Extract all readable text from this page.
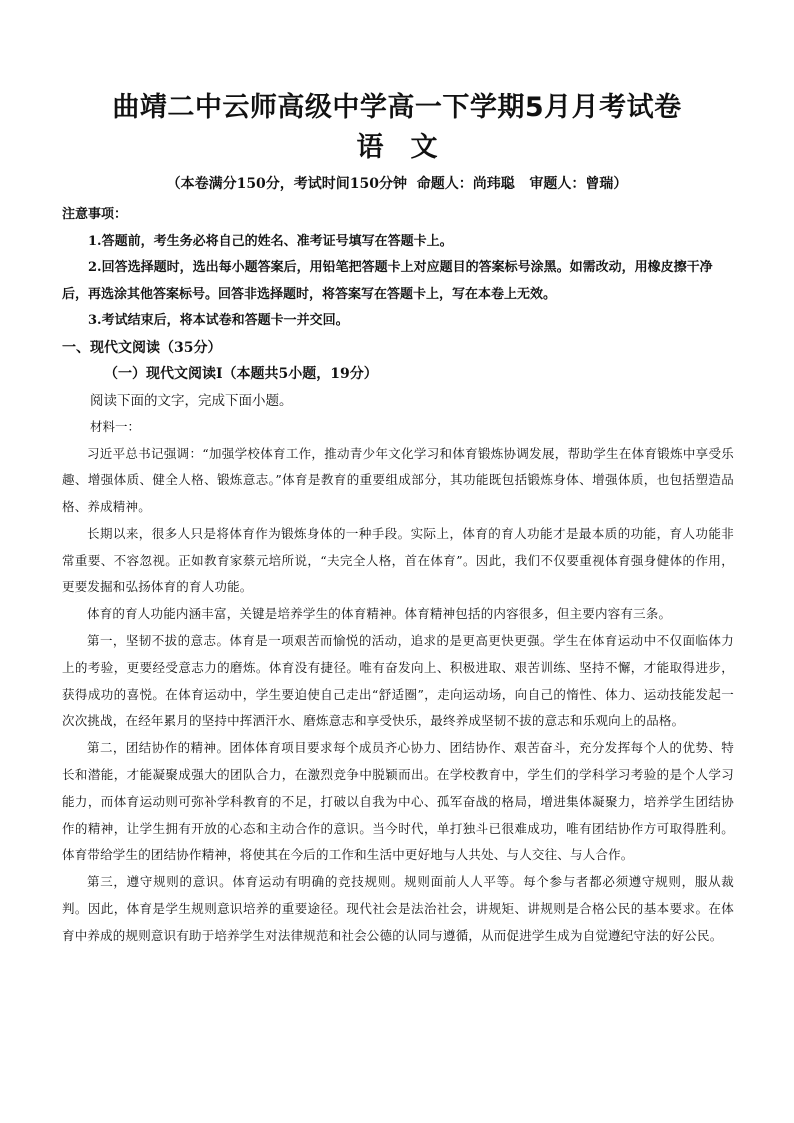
曲靖二中云师高级中学高一下学期5月月考试卷
语　文
（本卷满分150分，考试时间150分钟  命题人：尚玮聪   审题人：曾瑞）

注意事项：

1.答题前，考生务必将自己的姓名、准考证号填写在答题卡上。

2.回答选择题时，选出每小题答案后，用铅笔把答题卡上对应题目的答案标号涂黑。如需改动，用橡皮擦干净后，再选涂其他答案标号。回答非选择题时，将答案写在答题卡上，写在本卷上无效。

3.考试结束后，将本试卷和答题卡一并交回。

一、现代文阅读（35分）

（一）现代文阅读Ⅰ（本题共5小题，19分）

阅读下面的文字，完成下面小题。

材料一：

习近平总书记强调：“加强学校体育工作，推动青少年文化学习和体育锻炼协调发展，帮助学生在体育锻炼中享受乐趣、增强体质、健全人格、锻炼意志。”体育是教育的重要组成部分，其功能既包括锻炼身体、增强体质，也包括塑造品格、养成精神。

长期以来，很多人只是将体育作为锻炼身体的一种手段。实际上，体育的育人功能才是最本质的功能，育人功能非常重要、不容忽视。正如教育家蔡元培所说，“夫完全人格，首在体育”。因此，我们不仅要重视体育强身健体的作用，更要发掘和弘扬体育的育人功能。

体育的育人功能内涵丰富，关键是培养学生的体育精神。体育精神包括的内容很多，但主要内容有三条。

第一，坚韧不拔的意志。体育是一项艰苦而愉悦的活动，追求的是更高更快更强。学生在体育运动中不仅面临体力上的考验，更要经受意志力的磨炼。体育没有捷径。唯有奋发向上、积极进取、艰苦训练、坚持不懈，才能取得进步，获得成功的喜悦。在体育运动中，学生要迫使自己走出“舒适圈”，走向运动场，向自己的惰性、体力、运动技能发起一次次挑战，在经年累月的坚持中挥洒汗水、磨炼意志和享受快乐，最终养成坚韧不拔的意志和乐观向上的品格。

第二，团结协作的精神。团体体育项目要求每个成员齐心协力、团结协作、艰苦奋斗，充分发挥每个人的优势、特长和潜能，才能凝聚成强大的团队合力，在激烈竞争中脱颖而出。在学校教育中，学生们的学科学习考验的是个人学习能力，而体育运动则可弥补学科教育的不足，打破以自我为中心、孤军奋战的格局，增进集体凝聚力，培养学生团结协作的精神，让学生拥有开放的心态和主动合作的意识。当今时代，单打独斗已很难成功，唯有团结协作方可取得胜利。体育带给学生的团结协作精神，将使其在今后的工作和生活中更好地与人共处、与人交往、与人合作。

第三，遵守规则的意识。体育运动有明确的竞技规则。规则面前人人平等。每个参与者都必须遵守规则，服从裁判。因此，体育是学生规则意识培养的重要途径。现代社会是法治社会，讲规矩、讲规则是合格公民的基本要求。在体育中养成的规则意识有助于培养学生对法律规范和社会公德的认同与遵循，从而促进学生成为自觉遵纪守法的好公民。
